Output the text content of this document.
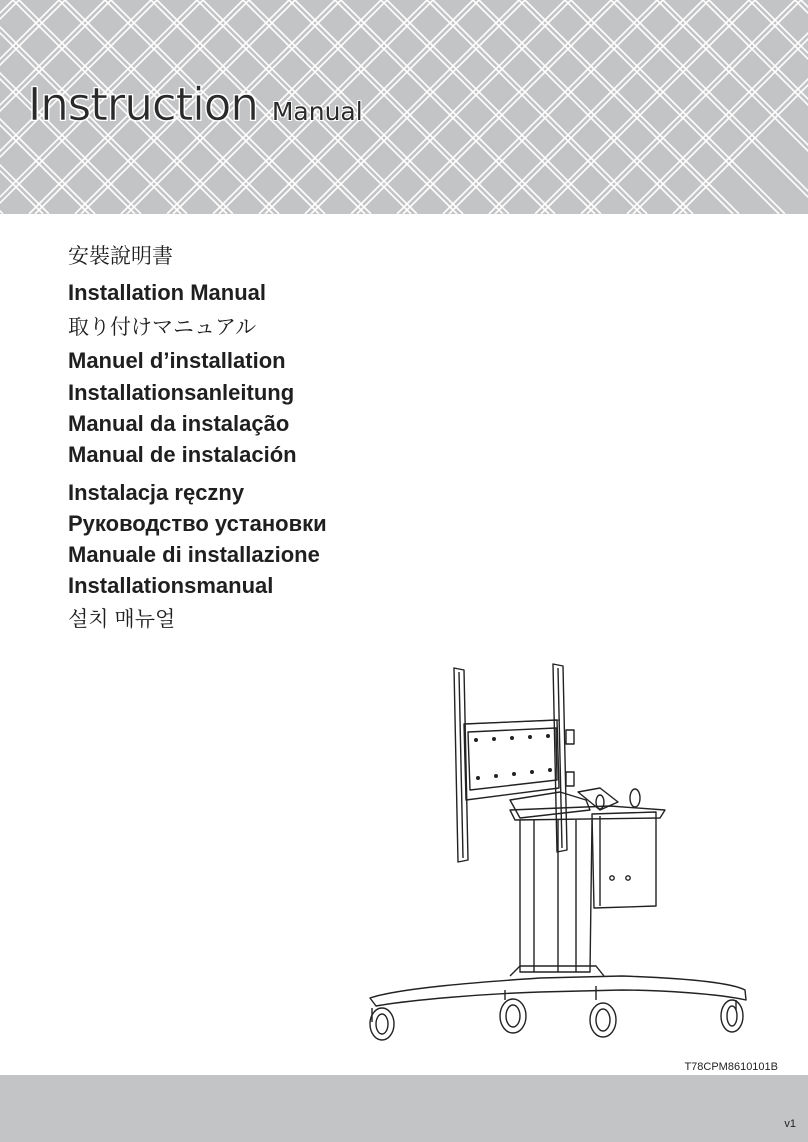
Instruction Manual
安裝說明書
Installation Manual
取り付けマニュアル
Manuel d’installation
Installationsanleitung
Manual da instalação
Manual de instalación
Instalacja ręczny
Руководство установки
Manuale di installazione
Installationsmanual
설치 매뉴얼
T78CPM8610101B
v1
